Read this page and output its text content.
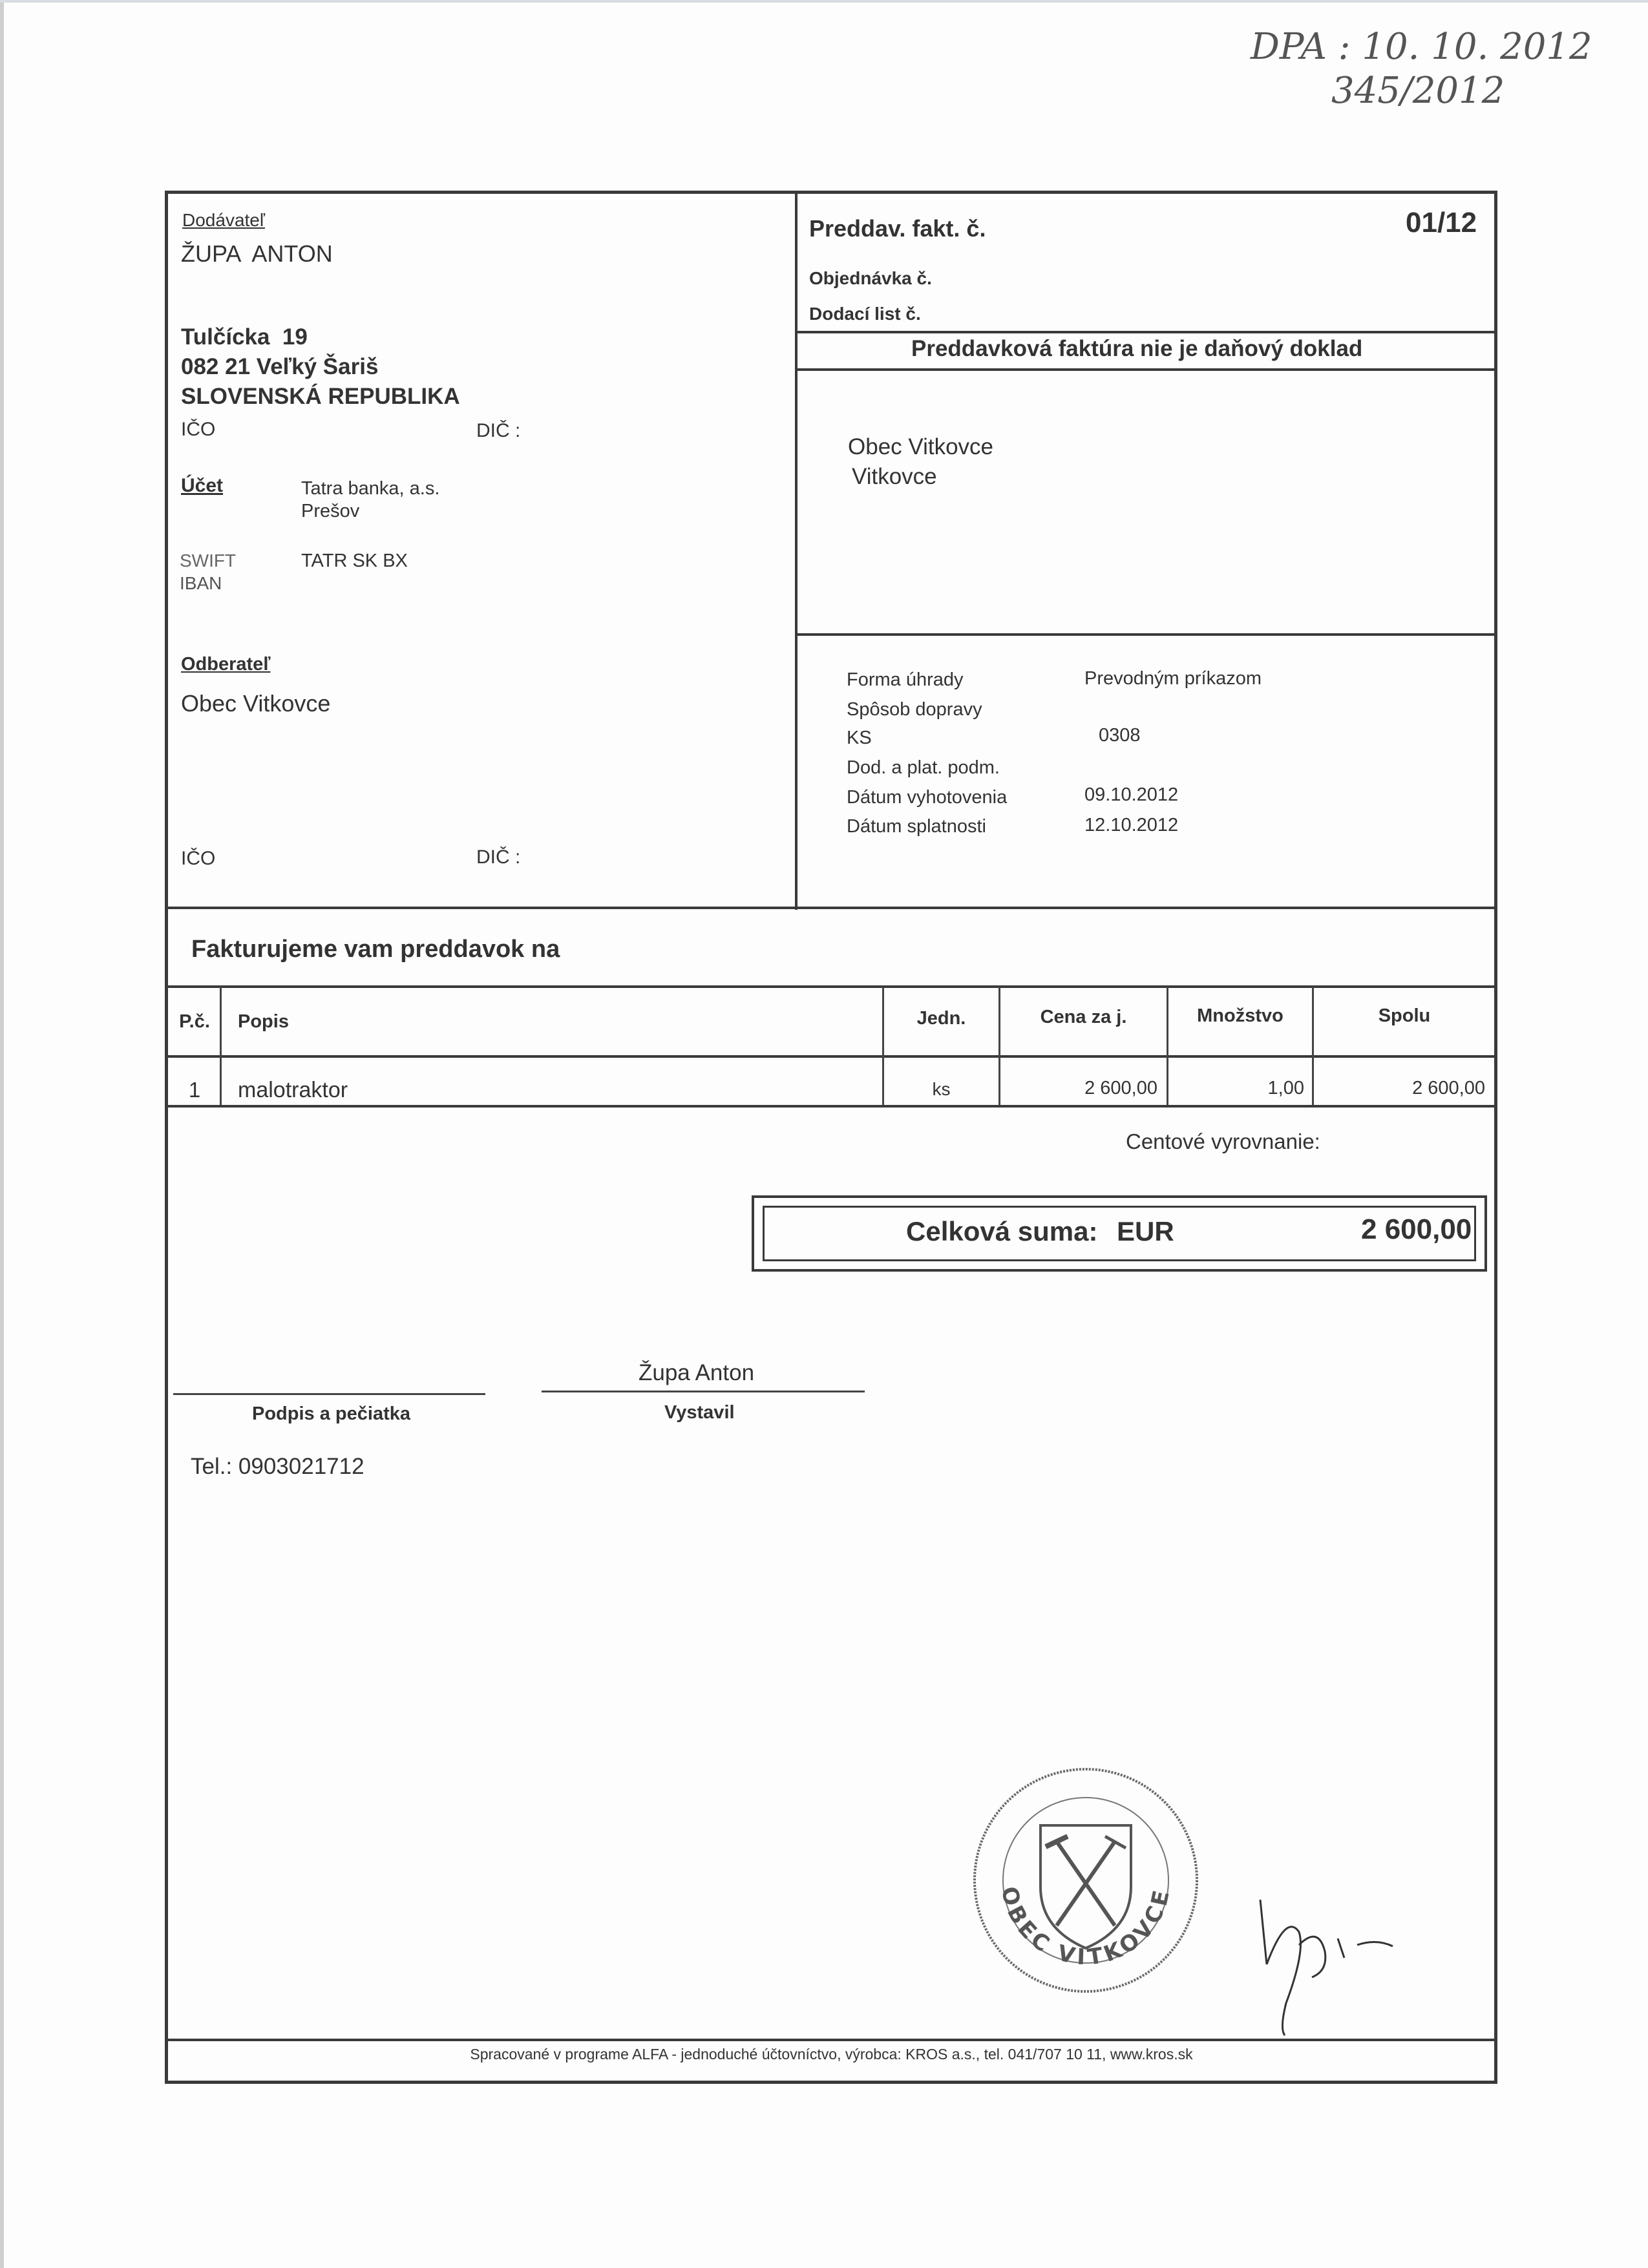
DPA : 10. 10. 2012
345/2012
Dodávateľ
ŽUPA  ANTON
Tulčícka  19
082 21 Veľký Šariš
SLOVENSKÁ REPUBLIKA
IČO	DIČ :
Účet	Tatra banka, a.s.
Prešov
SWIFT	TATR SK BX
IBAN
Odberateľ
Obec Vitkovce
IČO	DIČ :
Preddav. fakt. č.	01/12
Objednávka č.
Dodací list č.
Preddavková faktúra nie je daňový doklad
Obec Vitkovce
Vitkovce
Forma úhrady	Prevodným príkazom
Spôsob dopravy
KS	0308
Dod. a plat. podm.
Dátum vyhotovenia	09.10.2012
Dátum splatnosti	12.10.2012
Fakturujeme vam preddavok na
P.č.	Popis	Jedn.	Cena za j.	Množstvo	Spolu
1	malotraktor	ks	2 600,00	1,00	2 600,00
Centové vyrovnanie:
Celková suma: EUR	2 600,00
Župa Anton
Podpis a pečiatka	Vystavil
Tel.: 0903021712
OBEC VITKOVCE
Spracované v programe ALFA - jednoduché účtovníctvo, výrobca: KROS a.s., tel. 041/707 10 11, www.kros.sk
